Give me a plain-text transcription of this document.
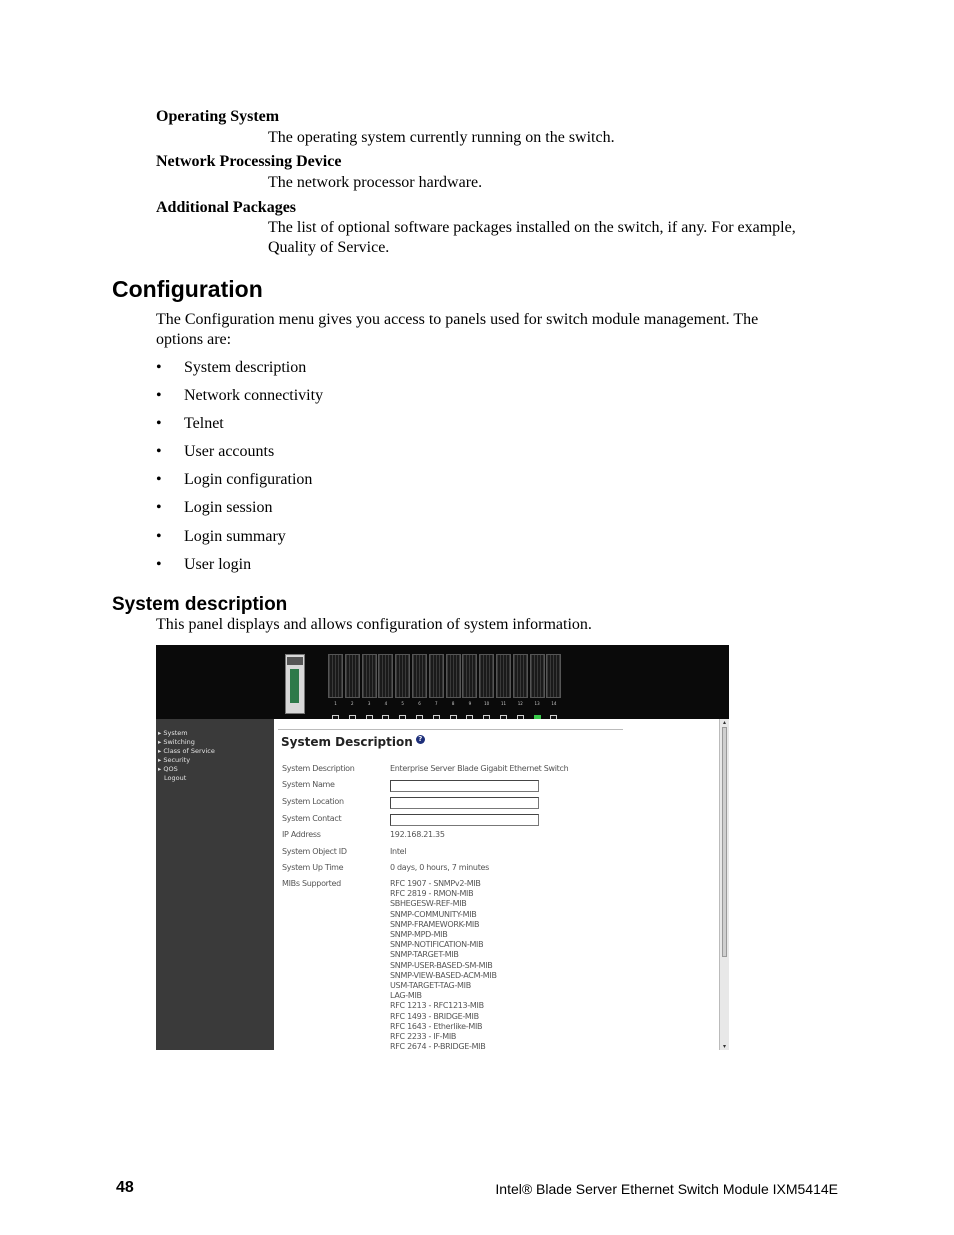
Operating System
The operating system currently running on the switch.
Network Processing Device
The network processor hardware.
Additional Packages
The list of optional software packages installed on the switch, if any. For example,
Quality of Service.
Configuration
The Configuration menu gives you access to panels used for switch module management. The
options are:
• System description
• Network connectivity
• Telnet
• User accounts
• Login configuration
• Login session
• Login summary
• User login
System description
This panel displays and allows configuration of system information.
1	2	3	4	5	6	7	8	9	10	11	12	13	14
▸ System
▸ Switching
▸ Class of Service
▸ Security
▸ QOS
Logout
System Description ?
System Description	Enterprise Server Blade Gigabit Ethernet Switch
System Name
System Location
System Contact
IP Address	192.168.21.35
System Object ID	Intel
System Up Time	0 days, 0 hours, 7 minutes
MIBs Supported	RFC 1907 - SNMPv2-MIB
RFC 2819 - RMON-MIB
SBHEGESW-REF-MIB
SNMP-COMMUNITY-MIB
SNMP-FRAMEWORK-MIB
SNMP-MPD-MIB
SNMP-NOTIFICATION-MIB
SNMP-TARGET-MIB
SNMP-USER-BASED-SM-MIB
SNMP-VIEW-BASED-ACM-MIB
USM-TARGET-TAG-MIB
LAG-MIB
RFC 1213 - RFC1213-MIB
RFC 1493 - BRIDGE-MIB
RFC 1643 - Etherlike-MIB
RFC 2233 - IF-MIB
RFC 2674 - P-BRIDGE-MIB
▴
▾
48	Intel® Blade Server Ethernet Switch Module IXM5414E
